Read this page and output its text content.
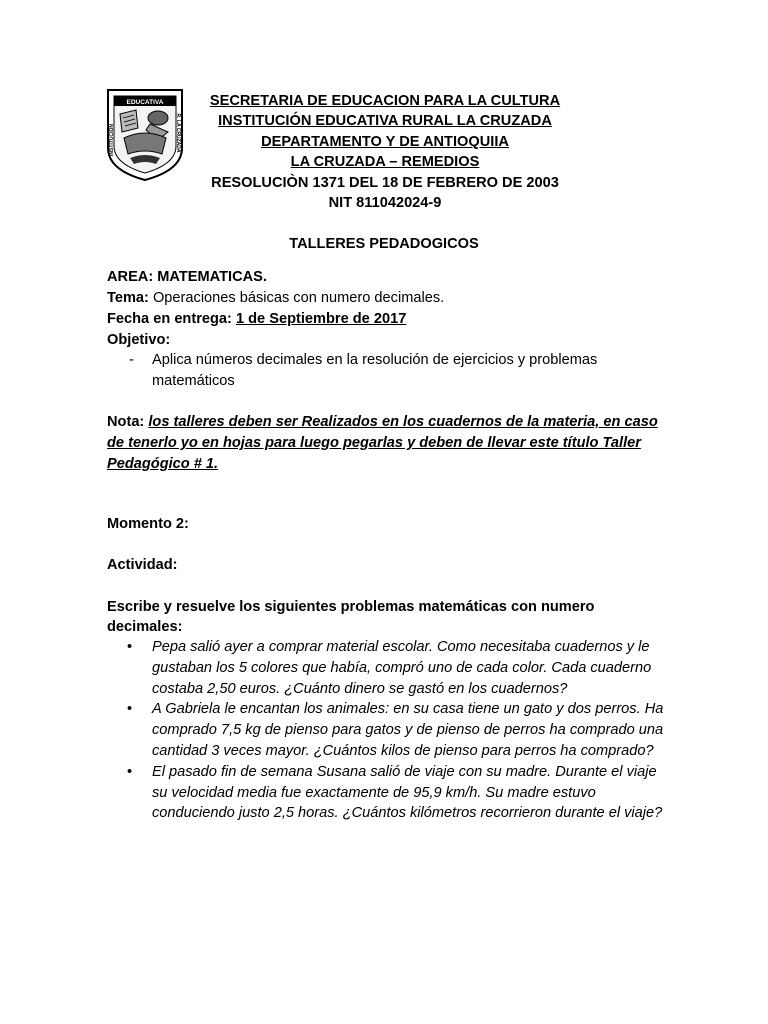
EDUCATIVA
INSTITUCION	R. LA CRUZADA
SECRETARIA DE EDUCACION PARA LA CULTURA
INSTITUCIÓN EDUCATIVA RURAL LA CRUZADA
DEPARTAMENTO Y DE ANTIOQUIIA
LA CRUZADA – REMEDIOS
RESOLUCIÒN 1371 DEL 18 DE FEBRERO DE 2003
NIT 811042024-9
TALLERES PEDADOGICOS
AREA: MATEMATICAS.
Tema: Operaciones básicas con numero decimales.
Fecha en entrega: 1 de Septiembre de 2017
Objetivo:
- Aplica números decimales en la resolución de ejercicios y problemas
matemáticos
Nota: los talleres deben ser Realizados en los cuadernos de la materia, en caso de tenerlo yo en hojas para luego pegarlas y deben de llevar este título Taller Pedagógico # 1.
Momento 2:
Actividad:
Escribe y resuelve los siguientes problemas matemáticas con numero
decimales:
• Pepa salió ayer a comprar material escolar. Como necesitaba cuadernos y le gustaban los 5 colores que había, compró uno de cada color. Cada cuaderno costaba 2,50 euros. ¿Cuánto dinero se gastó en los cuadernos?
• A Gabriela le encantan los animales: en su casa tiene un gato y dos perros. Ha comprado 7,5 kg de pienso para gatos y de pienso de perros ha comprado una cantidad 3 veces mayor. ¿Cuántos kilos de pienso para perros ha comprado?
• El pasado fin de semana Susana salió de viaje con su madre. Durante el viaje su velocidad media fue exactamente de 95,9 km/h. Su madre estuvo conduciendo justo 2,5 horas. ¿Cuántos kilómetros recorrieron durante el viaje?
